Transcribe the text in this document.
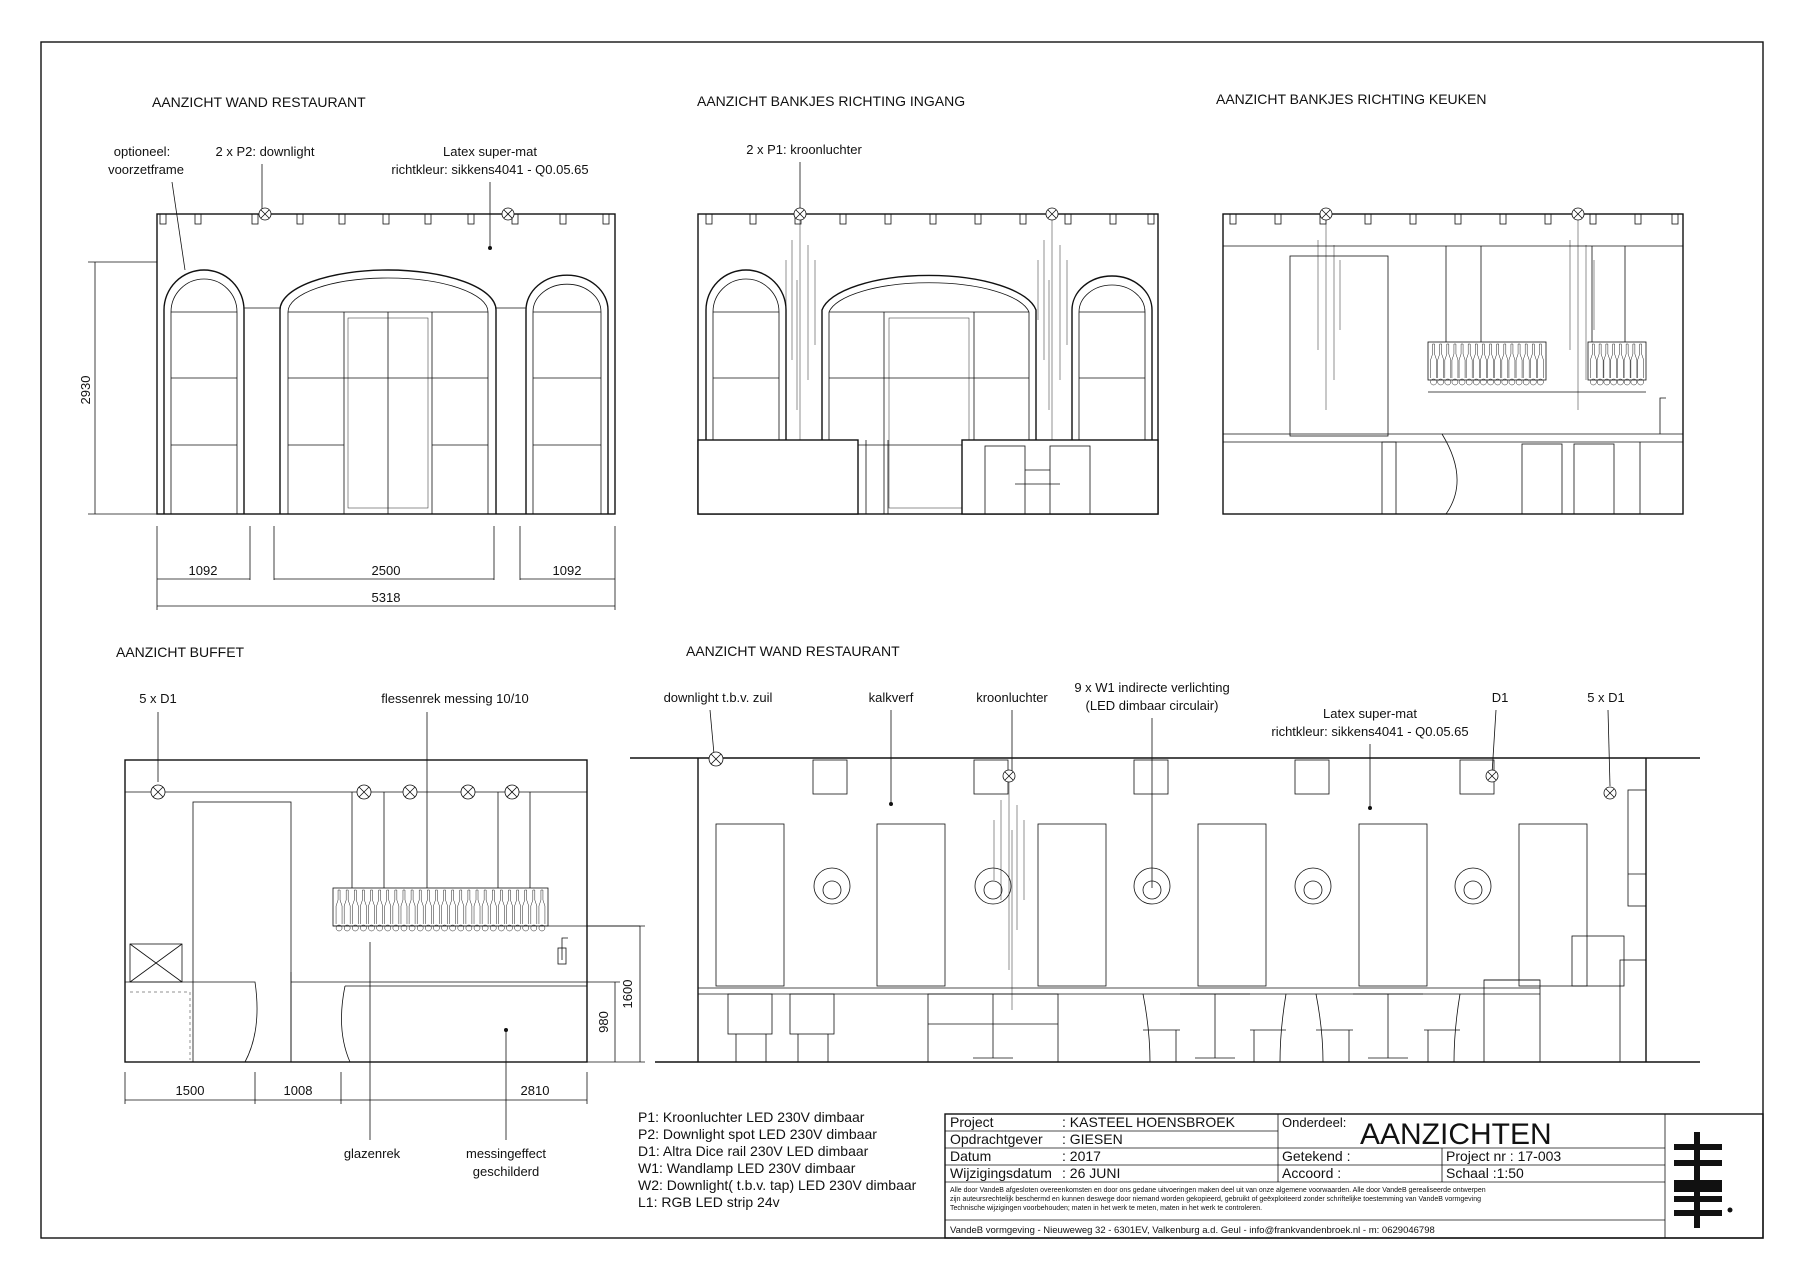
AANZICHT WAND RESTAURANT
optioneel:
voorzetframe
2 x P2: downlight	Latex super-mat
richtkleur: sikkens4041 - Q0.05.65
2930
1092	2500	1092
5318
AANZICHT BANKJES RICHTING INGANG
2 x P1: kroonluchter
AANZICHT BANKJES RICHTING KEUKEN
AANZICHT BUFFET
5 x D1	flessenrek messing 10/10
1600
980
1500	1008	2810
glazenrek	messingeffect
geschilderd
AANZICHT WAND RESTAURANT
downlight t.b.v. zuil	kalkverf	kroonluchter
9 x W1 indirecte verlichting
(LED dimbaar circulair)
Latex super-mat
richtkleur: sikkens4041 - Q0.05.65
D1	5 x D1
P1: Kroonluchter LED 230V dimbaar
P2: Downlight spot LED 230V dimbaar
D1: Altra Dice rail 230V LED dimbaar
W1: Wandlamp LED 230V dimbaar
W2: Downlight( t.b.v. tap) LED 230V dimbaar
L1: RGB LED strip 24v
Project	: KASTEEL HOENSBROEK
Opdrachtgever : GIESEN
Datum	: 2017
Wijzigingsdatum : 26 JUNI
Onderdeel: AANZICHTEN
Getekend :
Accoord :
Project nr : 17-003
Schaal :1:50
Alle door VandeB afgesloten overeenkomsten en door ons gedane uitvoeringen maken deel uit van onze algemene voorwaarden. Alle door VandeB gerealiseerde ontwerpen
zijn auteursrechtelijk beschermd en kunnen deswege door niemand worden gekopieerd, gebruikt of geëxploiteerd zonder schriftelijke toestemming van VandeB vormgeving
Technische wijzigingen voorbehouden; maten in het werk te meten, maten in het werk te controleren.
VandeB vormgeving - Nieuweweg 32 - 6301EV, Valkenburg a.d. Geul - info@frankvandenbroek.nl - m: 0629046798
